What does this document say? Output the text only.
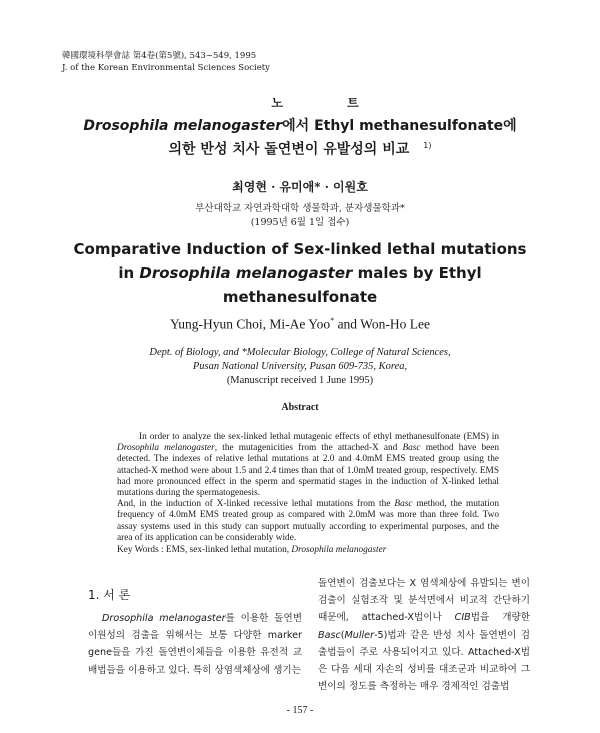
韓國環境科學會誌 第4卷(第5號), 543~549, 1995
J. of the Korean Environmental Sciences Society
노 트
Drosophila melanogaster에서 Ethyl methanesulfonate에
의한 반성 치사 돌연변이 유발성의 비교 $^{1)}$
최영현 · 유미애* · 이원호
부산대학교 자연과학대학 생물학과, 분자생물학과*
(1995년 6월 1일 접수)
Comparative Induction of Sex-linked lethal mutations
in Drosophila melanogaster males by Ethyl
methanesulfonate
Yung-Hyun Choi, Mi-Ae Yoo* and Won-Ho Lee
Dept. of Biology, and *Molecular Biology, College of Natural Sciences,
Pusan National University, Pusan 609-735, Korea,
(Manuscript received 1 June 1995)
Abstract

In order to analyze the sex-linked lethal mutagenic effects of ethyl methanesulfonate (EMS) in Drosophila melanogaster, the mutagenicities from the attached-X and Basc method have been detected. The indexes of relative lethal mutations at 2.0 and 4.0mM EMS treated group using the attached-X method were about 1.5 and 2.4 times than that of 1.0mM treated group, respectively. EMS had more pronounced effect in the sperm and spermatid stages in the induction of X-linked lethal mutations during the spermatogenesis.

And, in the induction of X-linked recessive lethal mutations from the Basc method, the mutation frequency of 4.0mM EMS treated group as compared with 2.0mM was more than three fold. Two assay systems used in this study can support mutually according to experimental purposes, and the area of its application can be considerably wide.

Key Words : EMS, sex-linked lethal mutation, Drosophila melanogaster
1. 서 론

Drosophila melanogaster를 이용한 돌연변이원성의 검출을 위해서는 보통 다양한 marker gene들을 가진 돌연변이체들을 이용한 유전적 교배법들을 이용하고 있다. 특히 상염색체상에 생기는

돌연변이 검출보다는 X 염색체상에 유발되는 변이 검출이 실험조작 및 분석면에서 비교적 간단하기 때문에, attached-X법이나 CIB법을 개량한 Basc(Muller-5)법과 같은 반성 치사 돌연변이 검출법들이 주로 사용되어지고 있다. Attached-X법은 다음 세대 자손의 성비를 대조군과 비교하여 그 변이의 정도를 측정하는 매우 경제적인 검출법

- 157 -
